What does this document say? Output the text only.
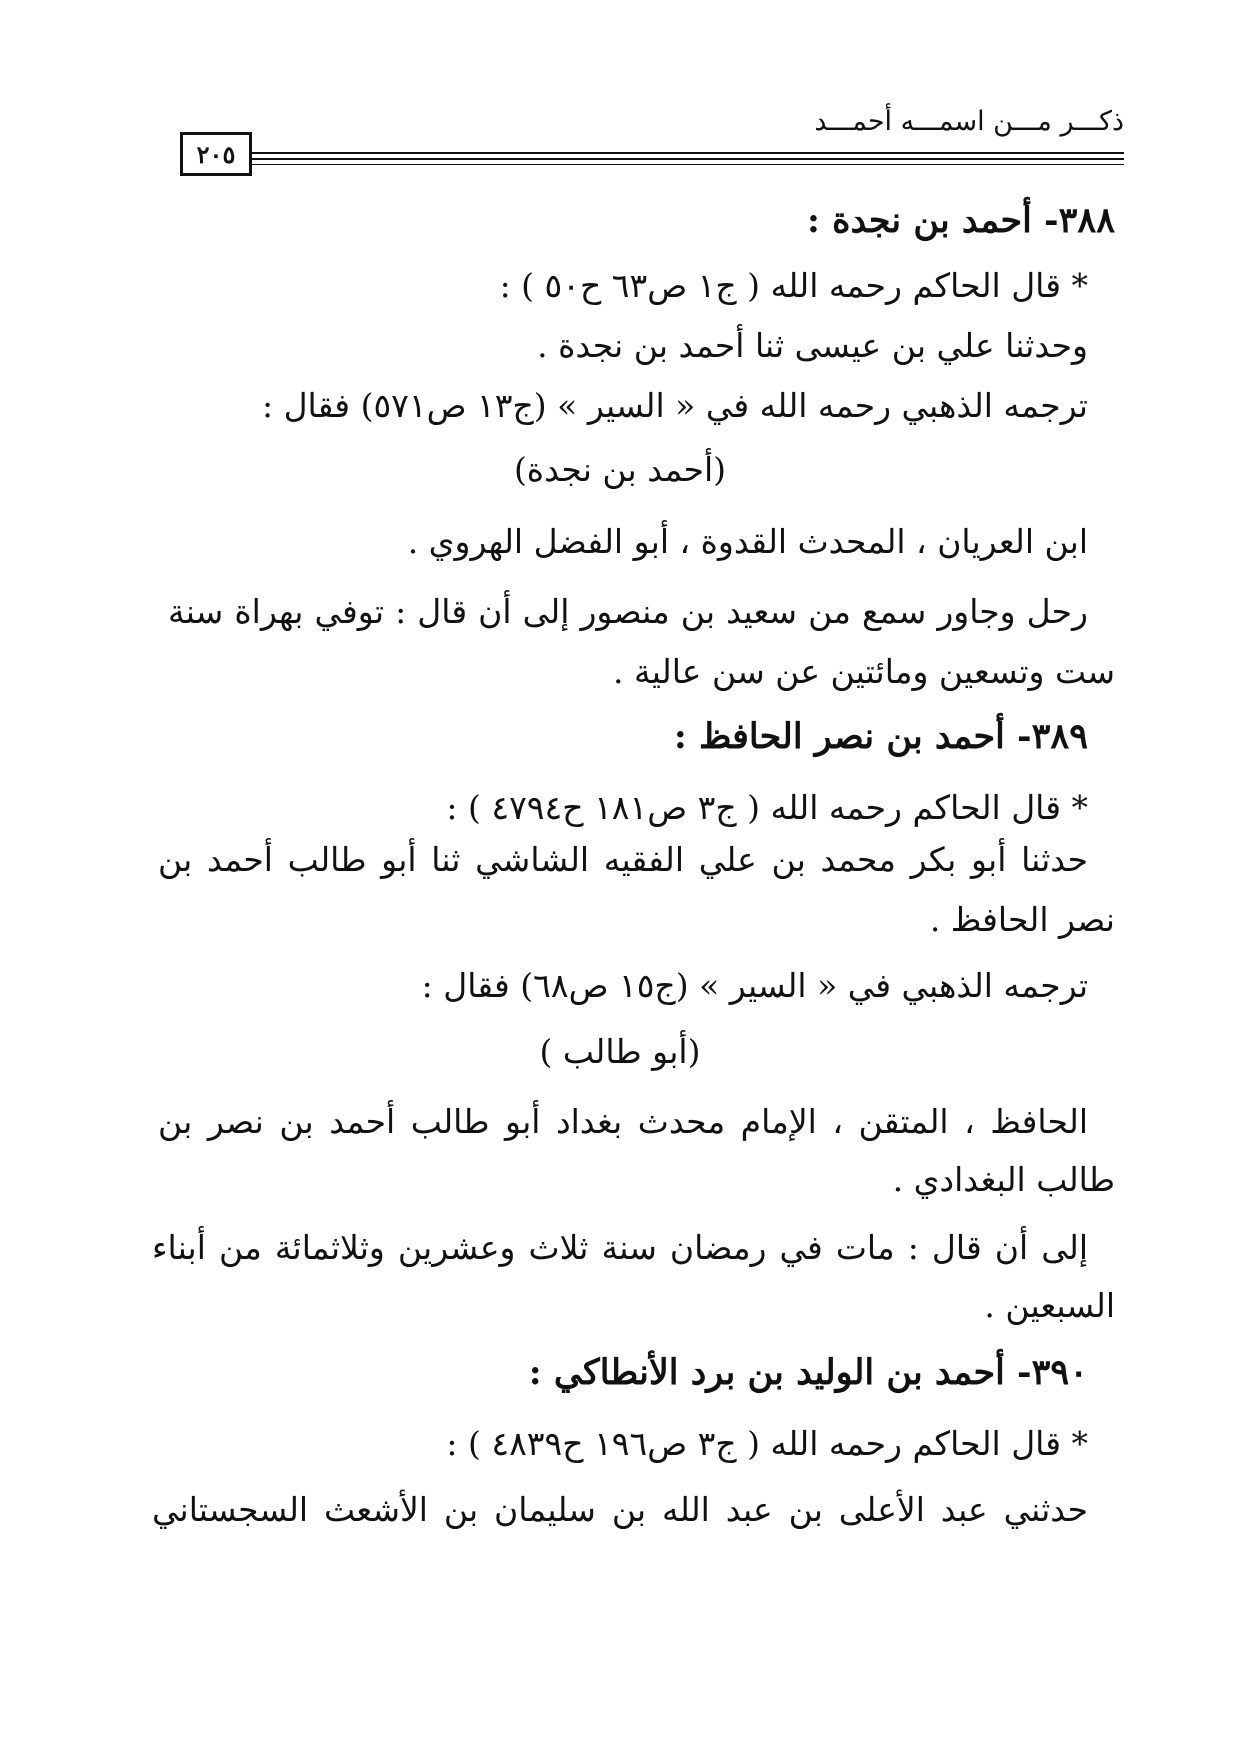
ذكـــر مـــن اسمـــه أحمـــد
٢٠٥
٣٨٨- أحمد بن نجدة :
* قال الحاكم رحمه الله ( ج١ ص٦٣ ح٥٠ ) :
وحدثنا علي بن عيسى ثنا أحمد بن نجدة .
ترجمه الذهبي رحمه الله في « السير » (ج١٣ ص٥٧١) فقال :
(أحمد بن نجدة)
ابن العريان ، المحدث القدوة ، أبو الفضل الهروي .
رحل وجاور سمع من سعيد بن منصور إلى أن قال : توفي بهراة سنة
ست وتسعين ومائتين عن سن عالية .
٣٨٩- أحمد بن نصر الحافظ :
* قال الحاكم رحمه الله ( ج٣ ص١٨١ ح٤٧٩٤ ) :
حدثنا أبو بكر محمد بن علي الفقيه الشاشي ثنا أبو طالب أحمد بن
نصر الحافظ .
ترجمه الذهبي في « السير » (ج١٥ ص٦٨) فقال :
(أبو طالب )
الحافظ ، المتقن ، الإمام محدث بغداد أبو طالب أحمد بن نصر بن
طالب البغدادي .
إلى أن قال : مات في رمضان سنة ثلاث وعشرين وثلاثمائة من أبناء
السبعين .
٣٩٠- أحمد بن الوليد بن برد الأنطاكي :
* قال الحاكم رحمه الله ( ج٣ ص١٩٦ ح٤٨٣٩ ) :
حدثني عبد الأعلى بن عبد الله بن سليمان بن الأشعث السجستاني
